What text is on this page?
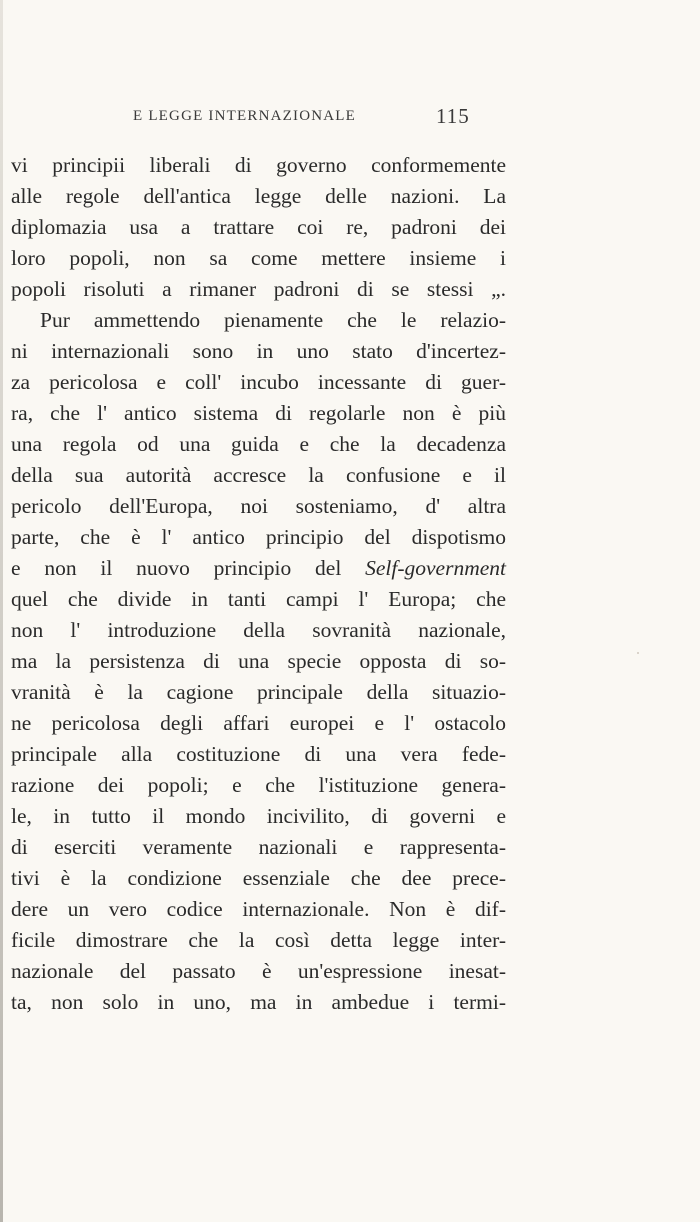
E LEGGE INTERNAZIONALE	115
vi principii liberali di governo conformemente
alle regole dell'antica legge delle nazioni. La
diplomazia usa a trattare coi re, padroni dei
loro popoli, non sa come mettere insieme i
popoli risoluti a rimaner padroni di se stessi „.
Pur ammettendo pienamente che le relazio-
ni internazionali sono in uno stato d'incertez-
za pericolosa e coll' incubo incessante di guer-
ra, che l' antico sistema di regolarle non è più
una regola od una guida e che la decadenza
della sua autorità accresce la confusione e il
pericolo dell'Europa, noi sosteniamo, d' altra
parte, che è l' antico principio del dispotismo
e non il nuovo principio del Self-government
quel che divide in tanti campi l' Europa; che
non l' introduzione della sovranità nazionale,
ma la persistenza di una specie opposta di so-
vranità è la cagione principale della situazio-
ne pericolosa degli affari europei e l' ostacolo
principale alla costituzione di una vera fede-
razione dei popoli; e che l'istituzione genera-
le, in tutto il mondo incivilito, di governi e
di eserciti veramente nazionali e rappresenta-
tivi è la condizione essenziale che dee prece-
dere un vero codice internazionale. Non è dif-
ficile dimostrare che la così detta legge inter-
nazionale del passato è un'espressione inesat-
ta, non solo in uno, ma in ambedue i termi-
